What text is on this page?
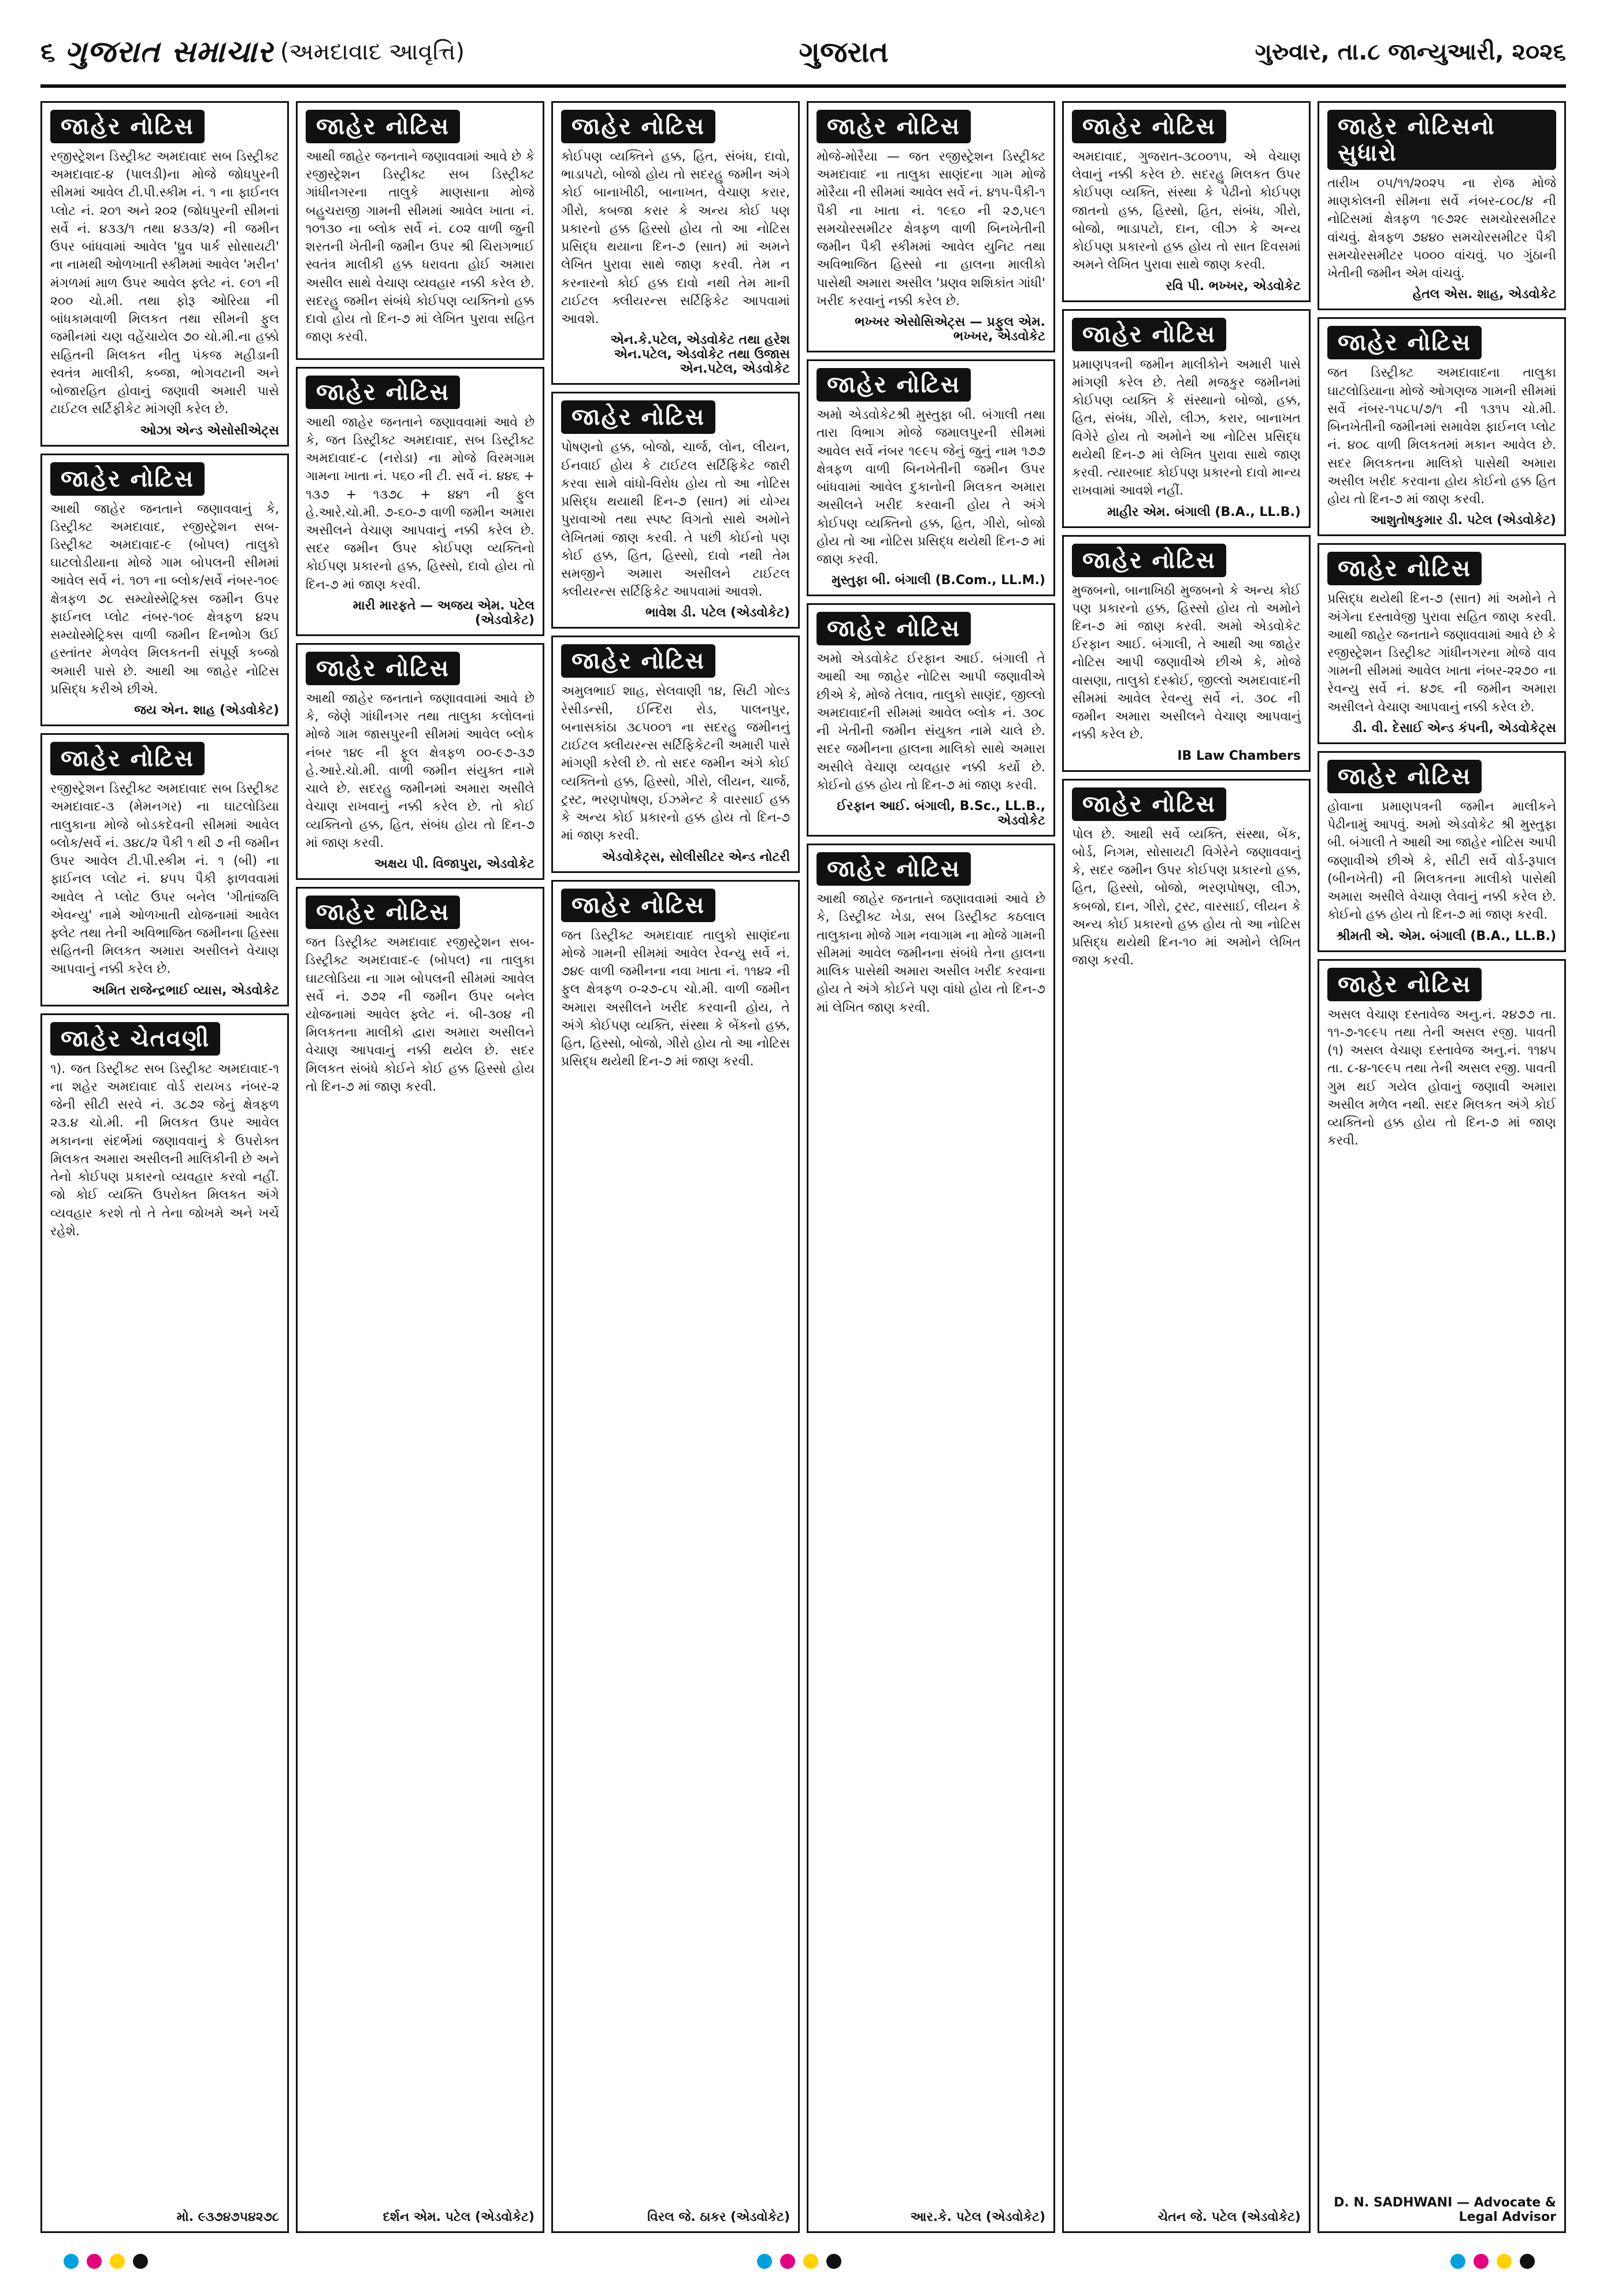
૬ ગુજરાત સમાચાર (અમદાવાદ આવૃત્તિ)	ગુજરાત	ગુરુવાર, તા.૮ જાન્યુઆરી, ૨૦૨૬
જાહેર નોટિસ
રજીસ્ટ્રેશન ડિસ્ટ્રીક્ટ અમદાવાદ સબ ડિસ્ટ્રીક્ટ અમદાવાદ-૪ (પાલડી)ના મોજે જોધપુરની સીમમાં આવેલ ટી.પી.સ્કીમ નં. ૧ ના ફાઈનલ પ્લોટ નં. ૨૦૧ અને ૨૦૨ (જોધપુરની સીમનાં સર્વે નં. ૪૩૩/૧ તથા ૪૩૩/૨) ની જમીન ઉપર બાંધવામાં આવેલ 'ધ્રુવ પાર્ક સોસાયટી' ના નામથી ઓળખાતી સ્કીમમાં આવેલ 'મરીન' મંગળમાં માળ ઉપર આવેલ ફ્લેટ નં. ૯૦૧ ની ૨૦૦ ચો.મી. તથા ફોરૂ ઓરિયા ની બાંધકામવાળી મિલકત તથા સીમની ફુલ જમીનમાં ચણ વહેંચાયેલ ૭૦ ચો.મી.ના હક્કો સહિતની મિલકત નીતુ પંકજ મહીડાની સ્વતંત્ર માલીકી, કબ્જા, ભોગવટાની અને બોજારહિત હોવાનું જણાવી અમારી પાસે ટાઈટલ સર્ટિફીકેટ માંગણી કરેલ છે.
ઓઝા એન્ડ એસોસીએટ્સ
જાહેર નોટિસ
આથી જાહેર જનતાને જણાવવાનું કે, ડિસ્ટ્રીક્ટ અમદાવાદ, રજીસ્ટ્રેશન સબ-ડિસ્ટ્રીક્ટ અમદાવાદ-૯ (બોપલ) તાલુકો ઘાટલોડીયાના મોજે ગામ બોપલની સીમમાં આવેલ સર્વે નં. ૧૦૧ ના બ્લોક/સર્વે નંબર-૧૦૯ ક્ષેત્રફળ ૭૮ સમ્યોસ્મેટ્રિક્સ જમીન ઉપર ફાઈનલ પ્લોટ નંબર-૧૦૯ ક્ષેત્રફળ ૪૨૫ સમ્યોસ્મેટ્રિક્સ વાળી જમીન દિનભોગ ઉઈ હસ્તાંતર મેળવેલ મિલકતની સંપૂર્ણ કબ્જો અમારી પાસે છે. આથી આ જાહેર નોટિસ પ્રસિદ્ધ કરીએ છીએ.
જય એન. શાહ (એડવોકેટ)
જાહેર નોટિસ
રજીસ્ટ્રેશન ડિસ્ટ્રીક્ટ અમદાવાદ સબ ડિસ્ટ્રીક્ટ અમદાવાદ-૩ (મેમનગર) ના ઘાટલોડિયા તાલુકાના મોજે બોડકદેવની સીમમાં આવેલ બ્લોક/સર્વે નં. ૩૪૮/૨ પૈકી ૧ થી ૭ ની જમીન ઉપર આવેલ ટી.પી.સ્કીમ નં. ૧ (બી) ના ફાઈનલ પ્લોટ નં. ૪૫૫ પૈકી ફાળવવામાં આવેલ તે પ્લોટ ઉપર બનેલ 'ગીતાંજલિ એવન્યુ' નામે ઓળખાતી યોજનામાં આવેલ ફ્લેટ તથા તેની અવિભાજિત જમીનના હિસ્સા સહિતની મિલકત અમારા અસીલને વેચાણ આપવાનું નક્કી કરેલ છે.
અમિત રાજેન્દ્રભાઈ વ્યાસ, એડવોકેટ
જાહેર ચેતવણી
૧). જત ડિસ્ટ્રીક્ટ સબ ડિસ્ટ્રીક્ટ અમદાવાદ-૧ ના શહેર અમદાવાદ વોર્ડ રાયખડ નંબર-૨ જેની સીટી સરવે નં. ૩૮૭૨ જેનું ક્ષેત્રફળ ૨૩.૪ ચો.મી. ની મિલકત ઉપર આવેલ મકાનના સંદર્ભમાં જણાવવાનું કે ઉપરોક્ત મિલકત અમારા અસીલની માલિકીની છે અને તેનો કોઈપણ પ્રકારનો વ્યવહાર કરવો નહીં. જો કોઈ વ્યક્તિ ઉપરોક્ત મિલકત અંગે વ્યવહાર કરશે તો તે તેના જોખમે અને ખર્ચે રહેશે.
મો. ૯૩૭૪૭૫૪૨૭૮
જાહેર નોટિસ
આથી જાહેર જનતાને જણાવવામાં આવે છે કે રજીસ્ટ્રેશન ડિસ્ટ્રીક્ટ સબ ડિસ્ટ્રીક્ટ ગાંધીનગરના તાલુકે માણસાના મોજે બહુચરાજી ગામની સીમમાં આવેલ ખાતા નં. ૧૦૧૩૦ ના બ્લોક સર્વે નં. ૮૦૨ વાળી જુની શરતની ખેતીની જમીન ઉપર શ્રી ચિરાગભાઈ સ્વતંત્ર માલીકી હક્ક ધરાવતા હોઈ અમારા અસીલ સાથે વેચાણ વ્યવહાર નક્કી કરેલ છે. સદરહુ જમીન સંબંધે કોઈપણ વ્યક્તિનો હક્ક દાવો હોય તો દિન-૭ માં લેખિત પુરાવા સહિત જાણ કરવી.
જાહેર નોટિસ
આથી જાહેર જનતાને જણાવવામાં આવે છે કે, જત ડિસ્ટ્રીક્ટ અમદાવાદ, સબ ડિસ્ટ્રીક્ટ અમદાવાદ-૮ (નરોડા) ના મોજે વિરમગામ ગામના ખાતા નં. ૫૬૦ ની ટી. સર્વે નં. ૪૪૬ + ૧૩૭ + ૧૩૭૮ + ૪૪૧ ની ફુલ હે.આરે.ચો.મી. ૭-૬૦-૭ વાળી જમીન અમારા અસીલને વેચાણ આપવાનું નક્કી કરેલ છે. સદર જમીન ઉપર કોઈપણ વ્યક્તિનો કોઈપણ પ્રકારનો હક્ક, હિસ્સો, દાવો હોય તો દિન-૭ માં જાણ કરવી.
મારી મારફતે — અજય એમ. પટેલ (એડવોકેટ)
જાહેર નોટિસ
આથી જાહેર જનતાને જણાવવામાં આવે છે કે, જેણે ગાંધીનગર તથા તાલુકા કલોલનાં મોજે ગામ જાસપુરની સીમમાં આવેલ બ્લોક નંબર ૧૪૯ ની ફૂલ ક્ષેત્રફળ ૦૦-૯૭-૩૭ હે.આરે.ચો.મી. વાળી જમીન સંયુક્ત નામે ચાલે છે. સદરહુ જમીનમાં અમારા અસીલે વેચાણ રાખવાનું નક્કી કરેલ છે. તો કોઈ વ્યક્તિનો હક્ક, હિત, સંબંધ હોય તો દિન-૭ માં જાણ કરવી.
અક્ષય પી. વિજાપુરા, એડવોકેટ
જાહેર નોટિસ
જત ડિસ્ટ્રીક્ટ અમદાવાદ રજીસ્ટ્રેશન સબ-ડિસ્ટ્રીક્ટ અમદાવાદ-૯ (બોપલ) ના તાલુકા ઘાટલોડિયા ના ગામ બોપલની સીમમાં આવેલ સર્વે નં. ૭૭૨ ની જમીન ઉપર બનેલ યોજનામાં આવેલ ફ્લેટ નં. બી-૩૦૪ ની મિલકતના માલીકો દ્વારા અમારા અસીલને વેચાણ આપવાનું નક્કી થયેલ છે. સદર મિલકત સંબંધે કોઈને કોઈ હક્ક હિસ્સો હોય તો દિન-૭ માં જાણ કરવી.
દર્શન એમ. પટેલ (એડવોકેટ)
જાહેર નોટિસ
કોઈપણ વ્યક્તિને હક્ક, હિત, સંબંધ, દાવો, ભાડાપટો, બોજો હોય તો સદરહુ જમીન અંગે કોઈ બાનાખીઠી, બાનાખત, વેચાણ કરાર, ગીરો, કબજા કરાર કે અન્ય કોઈ પણ પ્રકારનો હક્ક હિસ્સો હોય તો આ નોટિસ પ્રસિદ્ધ થયાના દિન-૭ (સાત) માં અમને લેખિત પુરાવા સાથે જાણ કરવી. તેમ ન કરનારનો કોઈ હક્ક દાવો નથી તેમ માની ટાઈટલ ક્લીયરન્સ સર્ટિફિકેટ આપવામાં આવશે.
એન.કે.પટેલ, એડવોકેટ તથા હરેશ એન.પટેલ, એડવોકેટ તથા ઉજાસ એન.પટેલ, એડવોકેટ
જાહેર નોટિસ
પોષણનો હક્ક, બોજો, ચાર્જ, લોન, લીયન, ઈનવાઈ હોય કે ટાઈટલ સર્ટિફિકેટ જારી કરવા સામે વાંધો-વિરોધ હોય તો આ નોટિસ પ્રસિદ્ધ થયાથી દિન-૭ (સાત) માં યોગ્ય પુરાવાઓ તથા સ્પષ્ટ વિગતો સાથે અમોને લેખિતમાં જાણ કરવી. તે પછી કોઈનો પણ કોઈ હક્ક, હિત, હિસ્સો, દાવો નથી તેમ સમજીને અમારા અસીલને ટાઈટલ ક્લીયરન્સ સર્ટિફિકેટ આપવામાં આવશે.
ભાવેશ ડી. પટેલ (એડવોકેટ)
જાહેર નોટિસ
અમુલભાઈ શાહ, સેલવાણી ૧૪, સિટી ગોલ્ડ રેસીડન્સી, ઈન્દિરા રોડ, પાલનપુર, બનાસકાંઠા ૩૮૫૦૦૧ ના સદરહુ જમીનનું ટાઈટલ ક્લીયરન્સ સર્ટિફિકેટની અમારી પાસે માંગણી કરેલી છે. તો સદર જમીન અંગે કોઈ વ્યક્તિનો હક્ક, હિસ્સો, ગીરો, લીયન, ચાર્જ, ટ્રસ્ટ, ભરણપોષણ, ઈઝમેન્ટ કે વારસાઈ હક્ક કે અન્ય કોઈ પ્રકારનો હક્ક હોય તો દિન-૭ માં જાણ કરવી.
એડવોકેટ્સ, સોલીસીટર એન્ડ નોટરી
જાહેર નોટિસ
જત ડિસ્ટ્રીક્ટ અમદાવાદ તાલુકો સાણંદના મોજે ગામની સીમમાં આવેલ રેવન્યુ સર્વે નં. ૭૪૯ વાળી જમીનના નવા ખાતા નં. ૧૧૪૨ ની ફુલ ક્ષેત્રફળ ૦-૨૭-૮૫ ચો.મી. વાળી જમીન અમારા અસીલને ખરીદ કરવાની હોય, તે અંગે કોઈપણ વ્યક્તિ, સંસ્થા કે બેંકનો હક્ક, હિત, હિસ્સો, બોજો, ગીરો હોય તો આ નોટિસ પ્રસિદ્ધ થયેથી દિન-૭ માં જાણ કરવી.
વિરલ જે. ઠાકર (એડવોકેટ)
જાહેર નોટિસ
મોજે-મોરૈયા — જત રજીસ્ટ્રેશન ડિસ્ટ્રીક્ટ અમદાવાદ ના તાલુકા સાણંદના ગામ મોજે મોરૈયા ની સીમમાં આવેલ સર્વે નં. ૪૧૫-પૈકી-૧ પૈકી ના ખાતા નં. ૧૯૬૦ ની ૨૭,૫૯૧ સમચોરસમીટર ક્ષેત્રફળ વાળી બિનખેતીની જમીન પૈકી સ્કીમમાં આવેલ યુનિટ તથા અવિભાજિત હિસ્સો ના હાલના માલીકો પાસેથી અમારા અસીલ 'પ્રણવ શશિકાંત ગાંધી' ખરીદ કરવાનું નક્કી કરેલ છે.
ભખ્ખર એસોસિએટ્સ — પ્રફુલ એમ. ભખ્ખર, એડવોકેટ
જાહેર નોટિસ
અમો એડવોકેટશ્રી મુસ્તુફા બી. બંગાલી તથા તારા વિભાગ મોજે જમાલપુરની સીમમાં આવેલ સર્વે નંબર ૧૯૯૫ જેનું જુનું નામ ૧૭૭ ક્ષેત્રફળ વાળી બિનખેતીની જમીન ઉપર બાંધવામાં આવેલ દુકાનોની મિલકત અમારા અસીલને ખરીદ કરવાની હોય તે અંગે કોઈપણ વ્યક્તિનો હક્ક, હિત, ગીરો, બોજો હોય તો આ નોટિસ પ્રસિદ્ધ થયેથી દિન-૭ માં જાણ કરવી.
મુસ્તુફા બી. બંગાલી (B.Com., LL.M.)
જાહેર નોટિસ
અમો એડવોકેટ ઈરફાન આઈ. બંગાલી તે આથી આ જાહેર નોટિસ આપી જણાવીએ છીએ કે, મોજે તેલાવ, તાલુકો સાણંદ, જીલ્લો અમદાવાદની સીમમાં આવેલ બ્લોક નં. ૩૦૮ ની ખેતીની જમીન સંયુક્ત નામે ચાલે છે. સદર જમીનના હાલના માલિકો સાથે અમારા અસીલે વેચાણ વ્યવહાર નક્કી કર્યો છે. કોઈનો હક્ક હોય તો દિન-૭ માં જાણ કરવી.
ઈરફાન આઈ. બંગાલી, B.Sc., LL.B., એડવોકેટ
જાહેર નોટિસ
આથી જાહેર જનતાને જણાવવામાં આવે છે કે, ડિસ્ટ્રીક્ટ ખેડા, સબ ડિસ્ટ્રીક્ટ કઠલાલ તાલુકાના મોજે ગામ નવાગામ ના મોજે ગામની સીમમાં આવેલ જમીનના સંબંધે તેના હાલના માલિક પાસેથી અમારા અસીલ ખરીદ કરવાના હોય તે અંગે કોઈને પણ વાંધો હોય તો દિન-૭ માં લેખિત જાણ કરવી.
આર.કે. પટેલ (એડવોકેટ)
જાહેર નોટિસ
અમદાવાદ, ગુજરાત-૩૮૦૦૧૫, એ વેચાણ લેવાનું નક્કી કરેલ છે. સદરહુ મિલકત ઉપર કોઈપણ વ્યક્તિ, સંસ્થા કે પેઢીનો કોઈપણ જાતનો હક્ક, હિસ્સો, હિત, સંબંધ, ગીરો, બોજો, ભાડાપટો, દાન, લીઝ કે અન્ય કોઈપણ પ્રકારનો હક્ક હોય તો સાત દિવસમાં અમને લેખિત પુરાવા સાથે જાણ કરવી.
રવિ પી. ભખ્ખર, એડવોકેટ
જાહેર નોટિસ
પ્રમાણપત્રની જમીન માલીકોને અમારી પાસે માંગણી કરેલ છે. તેથી મજકુર જમીનમાં કોઈપણ વ્યક્તિ કે સંસ્થાનો બોજો, હક્ક, હિત, સંબંધ, ગીરો, લીઝ, કરાર, બાનાખત વિગેરે હોય તો અમોને આ નોટિસ પ્રસિદ્ધ થયેથી દિન-૭ માં લેખિત પુરાવા સાથે જાણ કરવી. ત્યારબાદ કોઈપણ પ્રકારનો દાવો માન્ય રાખવામાં આવશે નહીં.
માહીર એમ. બંગાલી (B.A., LL.B.)
જાહેર નોટિસ
મુજબનો, બાનાખિઠી મુજબનો કે અન્ય કોઈ પણ પ્રકારનો હક્ક, હિસ્સો હોય તો અમોને દિન-૭ માં જાણ કરવી. અમો એડવોકેટ ઈરફાન આઈ. બંગાલી, તે આથી આ જાહેર નોટિસ આપી જણાવીએ છીએ કે, મોજે વાસણા, તાલુકો દસ્ક્રોઈ, જીલ્લો અમદાવાદની સીમમાં આવેલ રેવન્યુ સર્વે નં. ૩૦૮ ની જમીન અમારા અસીલને વેચાણ આપવાનું નક્કી કરેલ છે.
IB Law Chambers
જાહેર નોટિસ
પોલ છે. આથી સર્વે વ્યક્તિ, સંસ્થા, બેંક, બોર્ડ, નિગમ, સોસાયટી વિગેરેને જણાવવાનું કે, સદર જમીન ઉપર કોઈપણ પ્રકારનો હક્ક, હિત, હિસ્સો, બોજો, ભરણપોષણ, લીઝ, કબજો, દાન, ગીરો, ટ્રસ્ટ, વારસાઈ, લીયન કે અન્ય કોઈ પ્રકારનો હક્ક હોય તો આ નોટિસ પ્રસિદ્ધ થયેથી દિન-૧૦ માં અમોને લેખિત જાણ કરવી.
ચેતન જે. પટેલ (એડવોકેટ)
જાહેર નોટિસનો સુધારો
તારીખ ૦૫/૧૧/૨૦૨૫ ના રોજ મોજે માણકોલની સીમના સર્વે નંબર-૮૦૮/૪ ની નોટિસમાં ક્ષેત્રફળ ૧૯૭૨૯ સમચોરસમીટર વાંચવું. ક્ષેત્રફળ ૭૪૪૦ સમચોરસમીટર પૈકી સમચોરસમીટર ૫૦૦૦ વાંચવું. ૫૦ ગુંઠાની ખેતીની જમીન એમ વાંચવું.
હેતલ એસ. શાહ, એડવોકેટ
જાહેર નોટિસ
જત ડિસ્ટ્રીક્ટ અમદાવાદના તાલુકા ઘાટલોડિયાના મોજે ઓગણજ ગામની સીમમાં સર્વે નંબર-૧૫૮૫/૭/૧ ની ૧૩૧૫ ચો.મી. બિનખેતીની જમીનમાં સમાવેશ ફાઈનલ પ્લોટ નં. ૪૦૮ વાળી મિલકતમાં મકાન આવેલ છે. સદર મિલકતના માલિકો પાસેથી અમારા અસીલ ખરીદ કરવાના હોય કોઈનો હક્ક હિત હોય તો દિન-૭ માં જાણ કરવી.
આશુતોષકુમાર ડી. પટેલ (એડવોકેટ)
જાહેર નોટિસ
પ્રસિદ્ધ થયેથી દિન-૭ (સાત) માં અમોને તે અંગેના દસ્તાવેજી પુરાવા સહિત જાણ કરવી. આથી જાહેર જનતાને જણાવવામાં આવે છે કે રજીસ્ટ્રેશન ડિસ્ટ્રીક્ટ ગાંધીનગરના મોજે વાવ ગામની સીમમાં આવેલ ખાતા નંબર-૨૨૭૦ ના રેવન્યુ સર્વે નં. ૪૭૬ ની જમીન અમારા અસીલને વેચાણ આપવાનું નક્કી કરેલ છે.
ડી. વી. દેસાઈ એન્ડ કંપની, એડવોકેટ્સ
જાહેર નોટિસ
હોવાના પ્રમાણપત્રની જમીન માલીકને પેઢીનામું આપવું. અમો એડવોકેટ શ્રી મુસ્તુફા બી. બંગાલી તે આથી આ જાહેર નોટિસ આપી જણાવીએ છીએ કે, સીટી સર્વે વોર્ડ-રૂપાલ (બીનખેતી) ની મિલકતના માલીકો પાસેથી અમારા અસીલે વેચાણ લેવાનું નક્કી કરેલ છે. કોઈનો હક્ક હોય તો દિન-૭ માં જાણ કરવી.
શ્રીમતી એ. એમ. બંગાલી (B.A., LL.B.)
જાહેર નોટિસ
અસલ વેચાણ દસ્તાવેજ અનુ.નં. ૨૪૭૭ તા. ૧૧-૭-૧૯૯૫ તથા તેની અસલ રજી. પાવતી (૧) અસલ વેચાણ દસ્તાવેજ અનુ.નં. ૧૧૪૫ તા. ૮-૪-૧૯૯૫ તથા તેની અસલ રજી. પાવતી ગુમ થઈ ગયેલ હોવાનું જણાવી અમારા અસીલ મળેલ નથી. સદર મિલકત અંગે કોઈ વ્યક્તિનો હક્ક હોય તો દિન-૭ માં જાણ કરવી.
D. N. SADHWANI — Advocate & Legal Advisor
